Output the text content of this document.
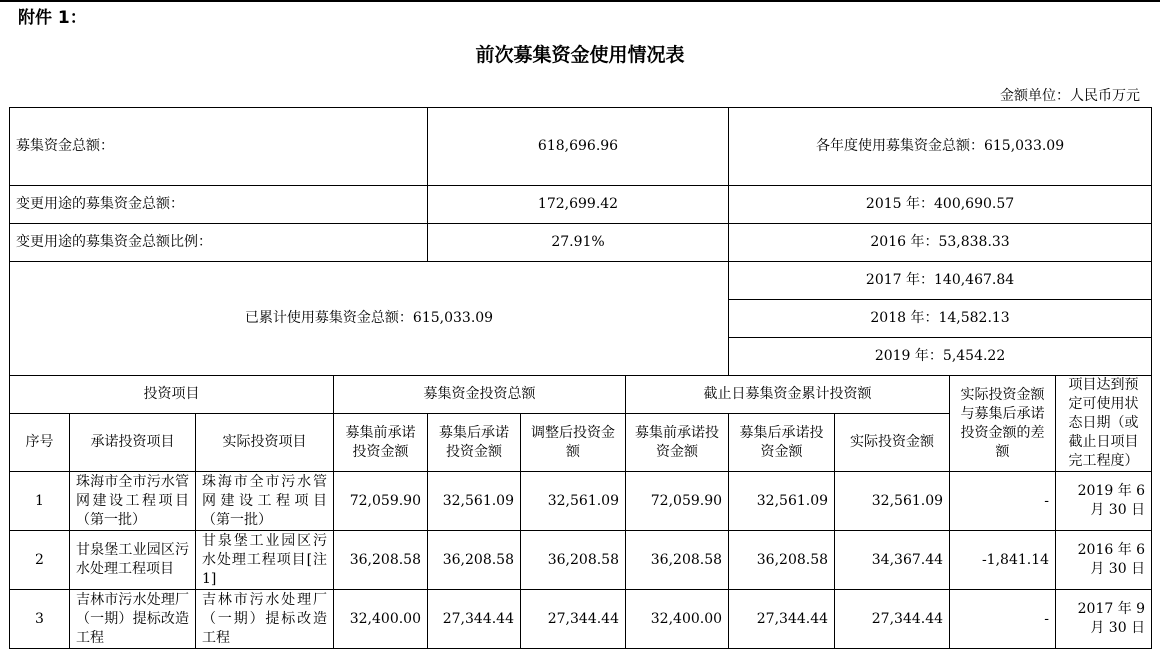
附件 1：
前次募集资金使用情况表
金额单位：人民币万元
募集资金总额：				618,696.96			各年度使用募集资金总额：615,033.09			
变更用途的募集资金总额：				172,699.42			2015 年：400,690.57			
变更用途的募集资金总额比例：				27.91%			2016 年：53,838.33			
已累计使用募集资金总额：615,033.09							2017 年：140,467.84			
							2018 年：14,582.13			
							2019 年：5,454.22			
投资项目			募集资金投资总额			截止日募集资金累计投资额			实际投资金额与募集后承诺投资金额的差额	项目达到预定可使用状态日期（或截止日项目完工程度）
序号	承诺投资项目	实际投资项目	募集前承诺投资金额	募集后承诺投资金额	调整后投资金额	募集前承诺投资金额	募集后承诺投资金额	实际投资金额		
1	珠海市全市污水管网建设工程项目（第一批）	珠海市全市污水管网建设工程项目（第一批）	72,059.90	32,561.09	32,561.09	72,059.90	32,561.09	32,561.09	-	2019 年 6 月 30 日
2	甘泉堡工业园区污水处理工程项目	甘泉堡工业园区污水处理工程项目[注 1]	36,208.58	36,208.58	36,208.58	36,208.58	36,208.58	34,367.44	-1,841.14	2016 年 6 月 30 日
3	吉林市污水处理厂（一期）提标改造工程	吉林市污水处理厂（一期）提标改造工程	32,400.00	27,344.44	27,344.44	32,400.00	27,344.44	27,344.44	-	2017 年 9 月 30 日
